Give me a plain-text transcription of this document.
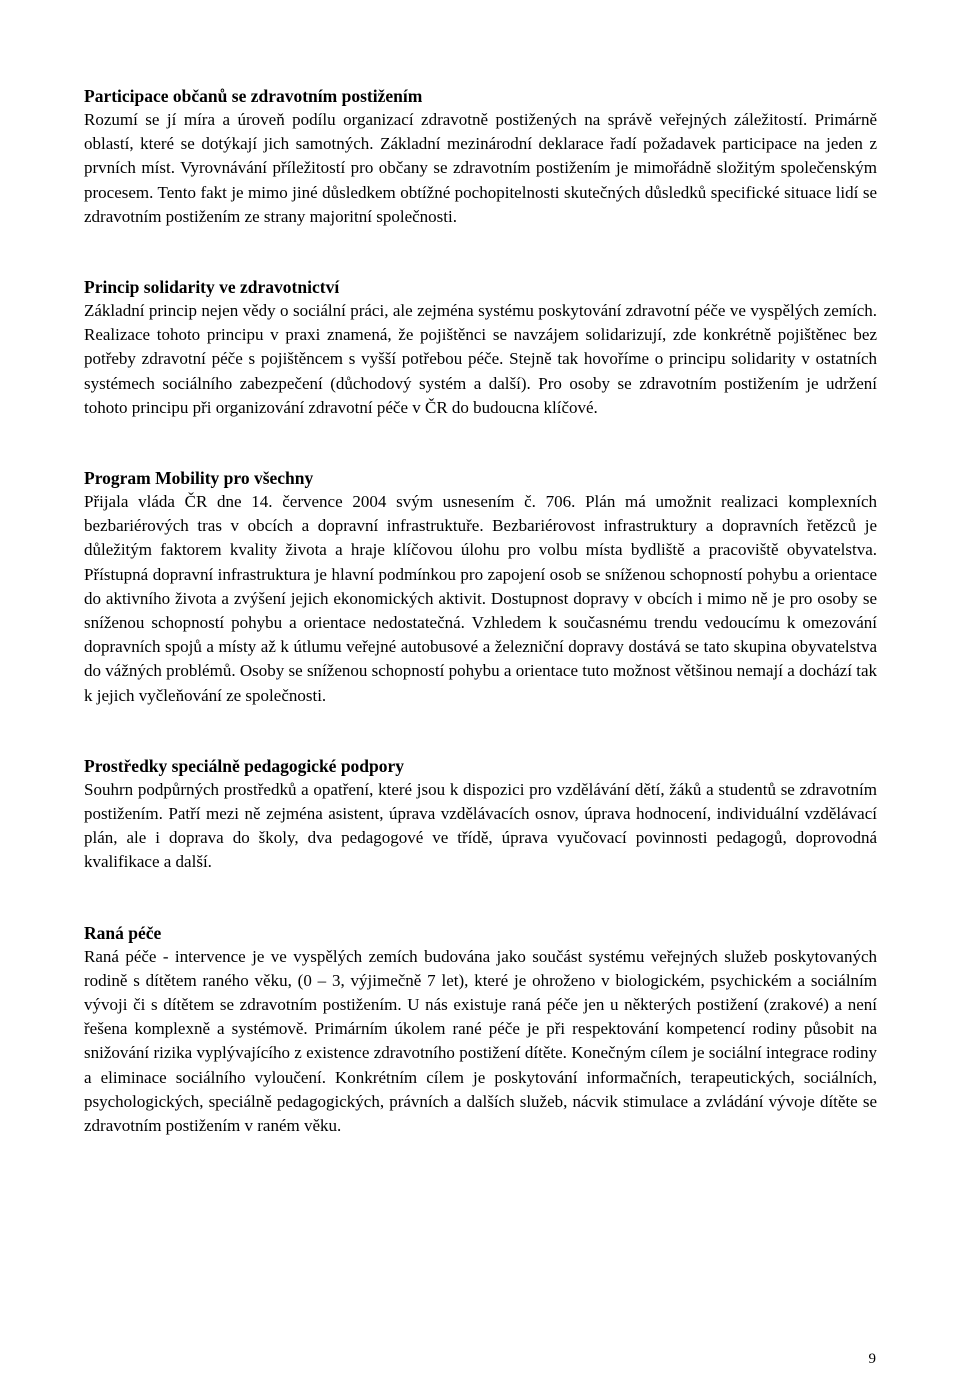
Participace občanů se zdravotním postižením

Rozumí se jí míra a úroveň podílu organizací zdravotně postižených na správě veřejných záležitostí. Primárně oblastí, které se dotýkají jich samotných. Základní mezinárodní deklarace řadí požadavek participace na jeden z prvních míst. Vyrovnávání příležitostí pro občany se zdravotním postižením je mimořádně složitým společenským procesem. Tento fakt je mimo jiné důsledkem obtížné pochopitelnosti skutečných důsledků specifické situace lidí se zdravotním postižením ze strany majoritní společnosti.

Princip solidarity ve zdravotnictví

Základní princip nejen vědy o sociální práci, ale zejména systému poskytování zdravotní péče ve vyspělých zemích. Realizace tohoto principu v praxi znamená, že pojištěnci se navzájem solidarizují, zde konkrétně pojištěnec bez potřeby zdravotní péče s pojištěncem s vyšší potřebou péče. Stejně tak hovoříme o principu solidarity v ostatních systémech sociálního zabezpečení (důchodový systém a další). Pro osoby se zdravotním postižením je udržení tohoto principu při organizování zdravotní péče v ČR do budoucna klíčové.

Program Mobility pro všechny

Přijala vláda ČR dne 14. července 2004 svým usnesením č. 706. Plán má umožnit realizaci komplexních bezbariérových tras v obcích a dopravní infrastruktuře. Bezbariérovost infrastruktury a dopravních řetězců je důležitým faktorem kvality života a hraje klíčovou úlohu pro volbu místa bydliště a pracoviště obyvatelstva. Přístupná dopravní infrastruktura je hlavní podmínkou pro zapojení osob se sníženou schopností pohybu a orientace do aktivního života a zvýšení jejich ekonomických aktivit. Dostupnost dopravy v obcích i mimo ně je pro osoby se sníženou schopností pohybu a orientace nedostatečná. Vzhledem k současnému trendu vedoucímu k omezování dopravních spojů a místy až k útlumu veřejné autobusové a železniční dopravy dostává se tato skupina obyvatelstva do vážných problémů. Osoby se sníženou schopností pohybu a orientace tuto možnost většinou nemají a dochází tak k jejich vyčleňování ze společnosti.

Prostředky speciálně pedagogické podpory

Souhrn podpůrných prostředků a opatření, které jsou k dispozici pro vzdělávání dětí, žáků a studentů se zdravotním postižením. Patří mezi ně zejména asistent, úprava vzdělávacích osnov, úprava hodnocení, individuální vzdělávací plán, ale i doprava do školy, dva pedagogové ve třídě, úprava vyučovací povinnosti pedagogů, doprovodná kvalifikace a další.

Raná péče

Raná péče - intervence je ve vyspělých zemích budována jako součást systému veřejných služeb poskytovaných rodině s dítětem raného věku, (0 – 3, výjimečně 7 let), které je ohroženo v biologickém, psychickém a sociálním vývoji či s dítětem se zdravotním postižením. U nás existuje raná péče jen u některých postižení (zrakové) a není řešena komplexně a systémově. Primárním úkolem rané péče je při respektování kompetencí rodiny působit na snižování rizika vyplývajícího z existence zdravotního postižení dítěte. Konečným cílem je sociální integrace rodiny a eliminace sociálního vyloučení. Konkrétním cílem je poskytování informačních, terapeutických, sociálních, psychologických, speciálně pedagogických, právních a dalších služeb, nácvik stimulace a zvládání vývoje dítěte se zdravotním postižením v raném věku.

9
